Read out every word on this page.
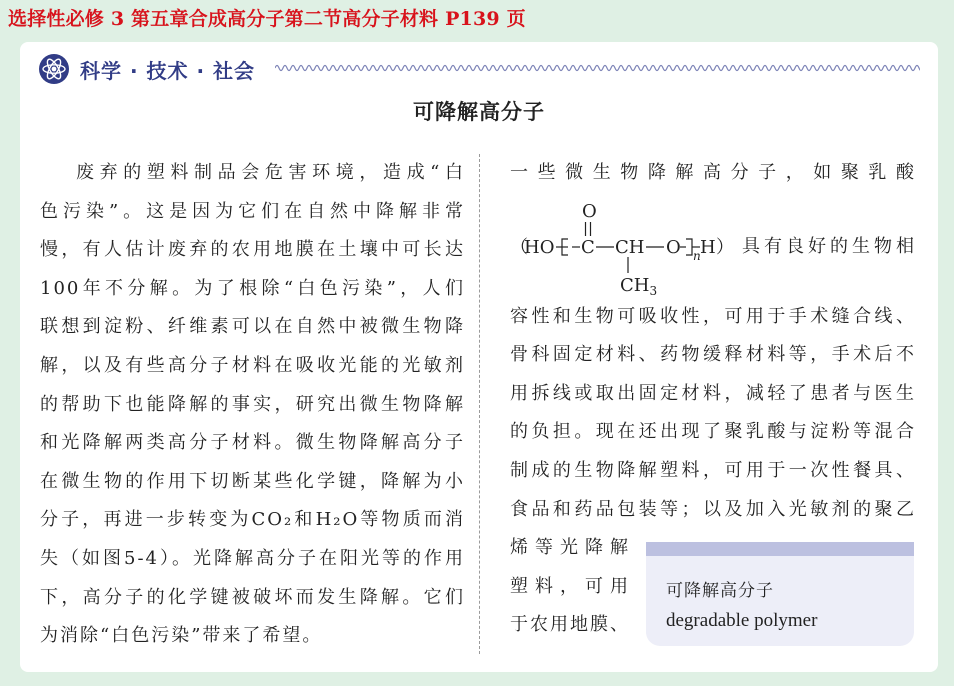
选择性必修 3 第五章合成高分子第二节高分子材料 P139 页
科学 · 技术 · 社会
可降解高分子
废弃的塑料制品会危害环境，造成“白
色污染”。这是因为它们在自然中降解非常
慢，有人估计废弃的农用地膜在土壤中可长达
100年不分解。为了根除“白色污染”，人们
联想到淀粉、纤维素可以在自然中被微生物降
解，以及有些高分子材料在吸收光能的光敏剂
的帮助下也能降解的事实，研究出微生物降解
和光降解两类高分子材料。微生物降解高分子
在微生物的作用下切断某些化学键，降解为小
分子，再进一步转变为CO₂和H₂O等物质而消
失（如图5-4）。光降解高分子在阳光等的作用
下，高分子的化学键被破坏而发生降解。它们
为消除“白色污染”带来了希望。
一些微生物降解高分子，如聚乳酸
（
HO C
O
CH
$CH_3$
O n H ） 具有良好的生物相
容性和生物可吸收性，可用于手术缝合线、
骨科固定材料、药物缓释材料等，手术后不
用拆线或取出固定材料，减轻了患者与医生
的负担。现在还出现了聚乳酸与淀粉等混合
制成的生物降解塑料，可用于一次性餐具、
食品和药品包装等；以及加入光敏剂的聚乙
烯等光降解
塑料，可用
于农用地膜、
可降解高分子
degradable polymer
